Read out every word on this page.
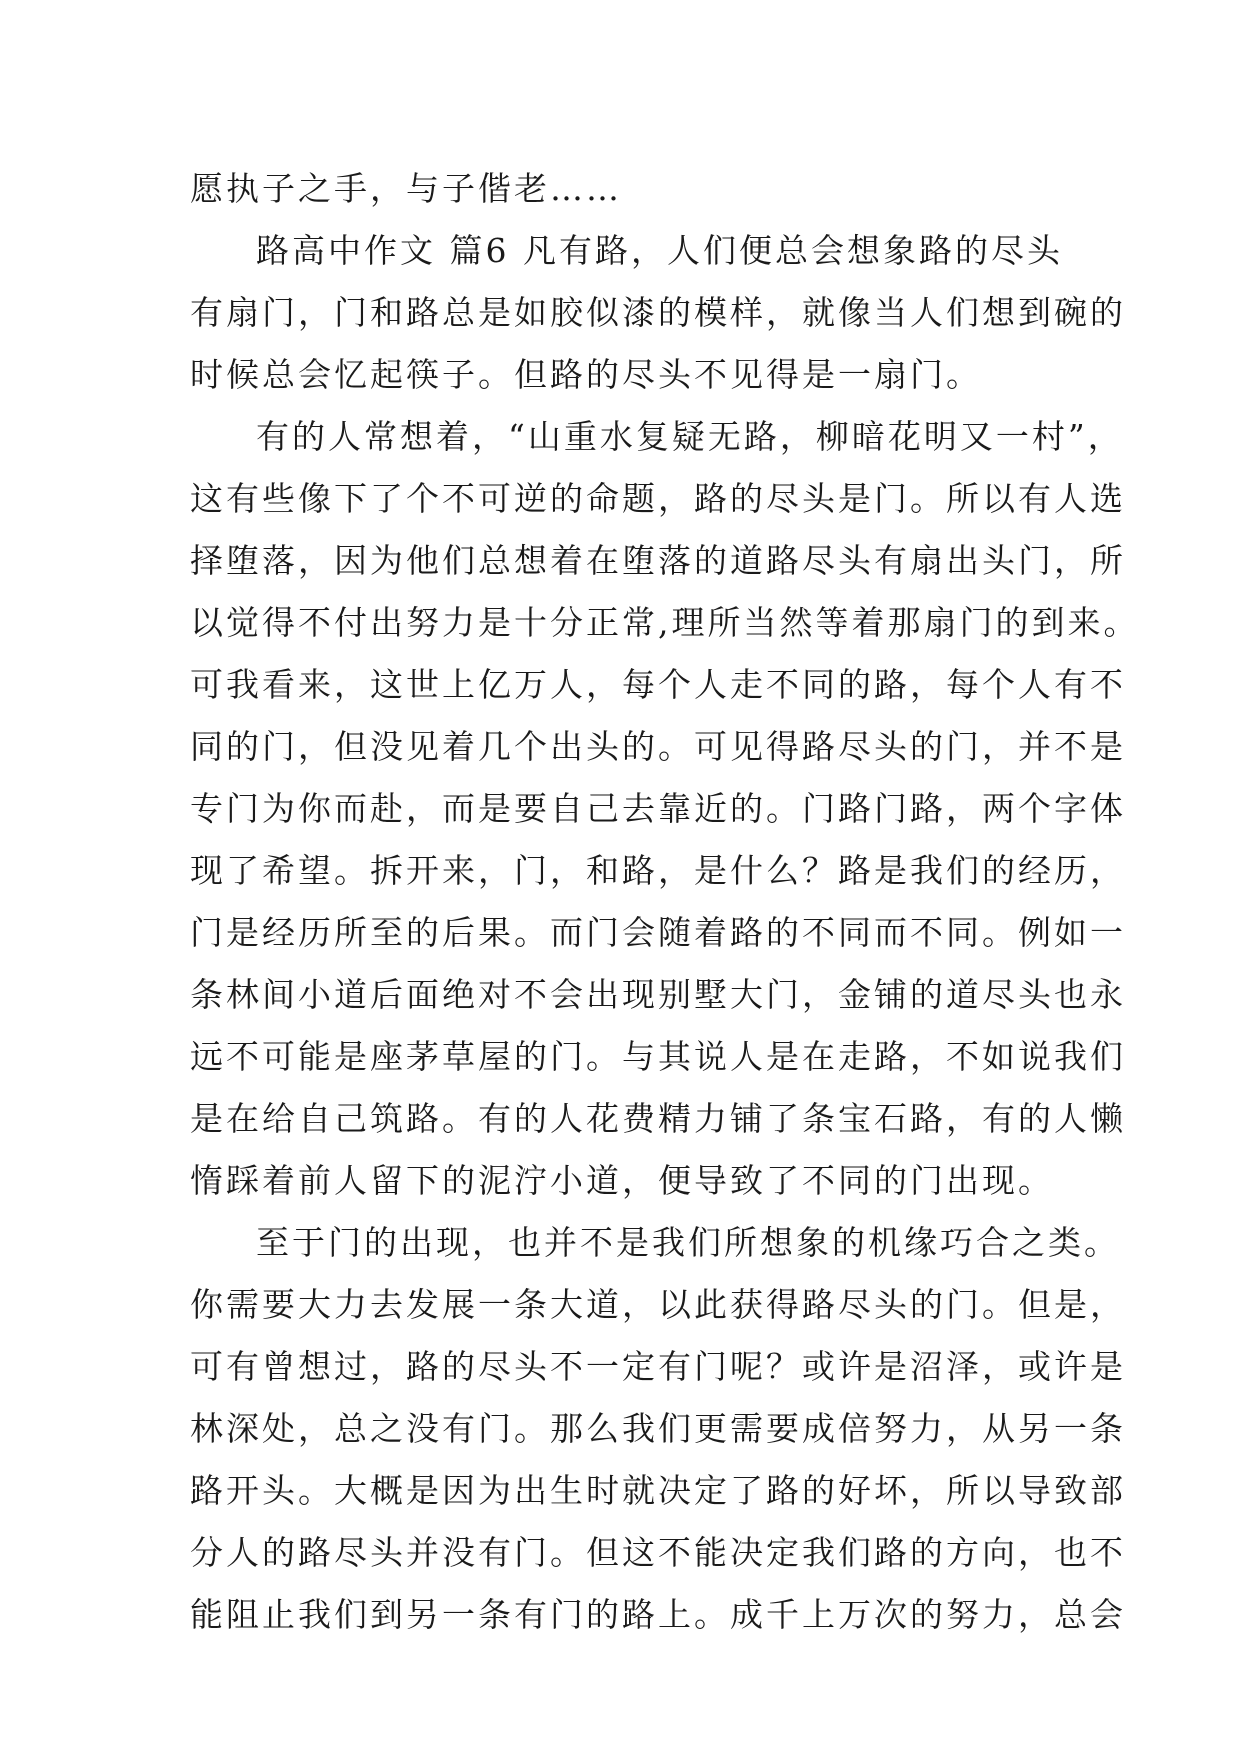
愿执子之手，与子偕老……
路高中作文 篇6 凡有路，人们便总会想象路的尽头
有扇门，门和路总是如胶似漆的模样，就像当人们想到碗的
时候总会忆起筷子。但路的尽头不见得是一扇门。
有的人常想着，“山重水复疑无路，柳暗花明又一村”，
这有些像下了个不可逆的命题，路的尽头是门。所以有人选
择堕落，因为他们总想着在堕落的道路尽头有扇出头门，所
以觉得不付出努力是十分正常,理所当然等着那扇门的到来。
可我看来，这世上亿万人，每个人走不同的路，每个人有不
同的门，但没见着几个出头的。可见得路尽头的门，并不是
专门为你而赴，而是要自己去靠近的。门路门路，两个字体
现了希望。拆开来，门，和路，是什么？路是我们的经历，
门是经历所至的后果。而门会随着路的不同而不同。例如一
条林间小道后面绝对不会出现别墅大门，金铺的道尽头也永
远不可能是座茅草屋的门。与其说人是在走路，不如说我们
是在给自己筑路。有的人花费精力铺了条宝石路，有的人懒
惰踩着前人留下的泥泞小道，便导致了不同的门出现。
至于门的出现，也并不是我们所想象的机缘巧合之类。
你需要大力去发展一条大道，以此获得路尽头的门。但是，
可有曾想过，路的尽头不一定有门呢？或许是沼泽，或许是
林深处，总之没有门。那么我们更需要成倍努力，从另一条
路开头。大概是因为出生时就决定了路的好坏，所以导致部
分人的路尽头并没有门。但这不能决定我们路的方向，也不
能阻止我们到另一条有门的路上。成千上万次的努力，总会
